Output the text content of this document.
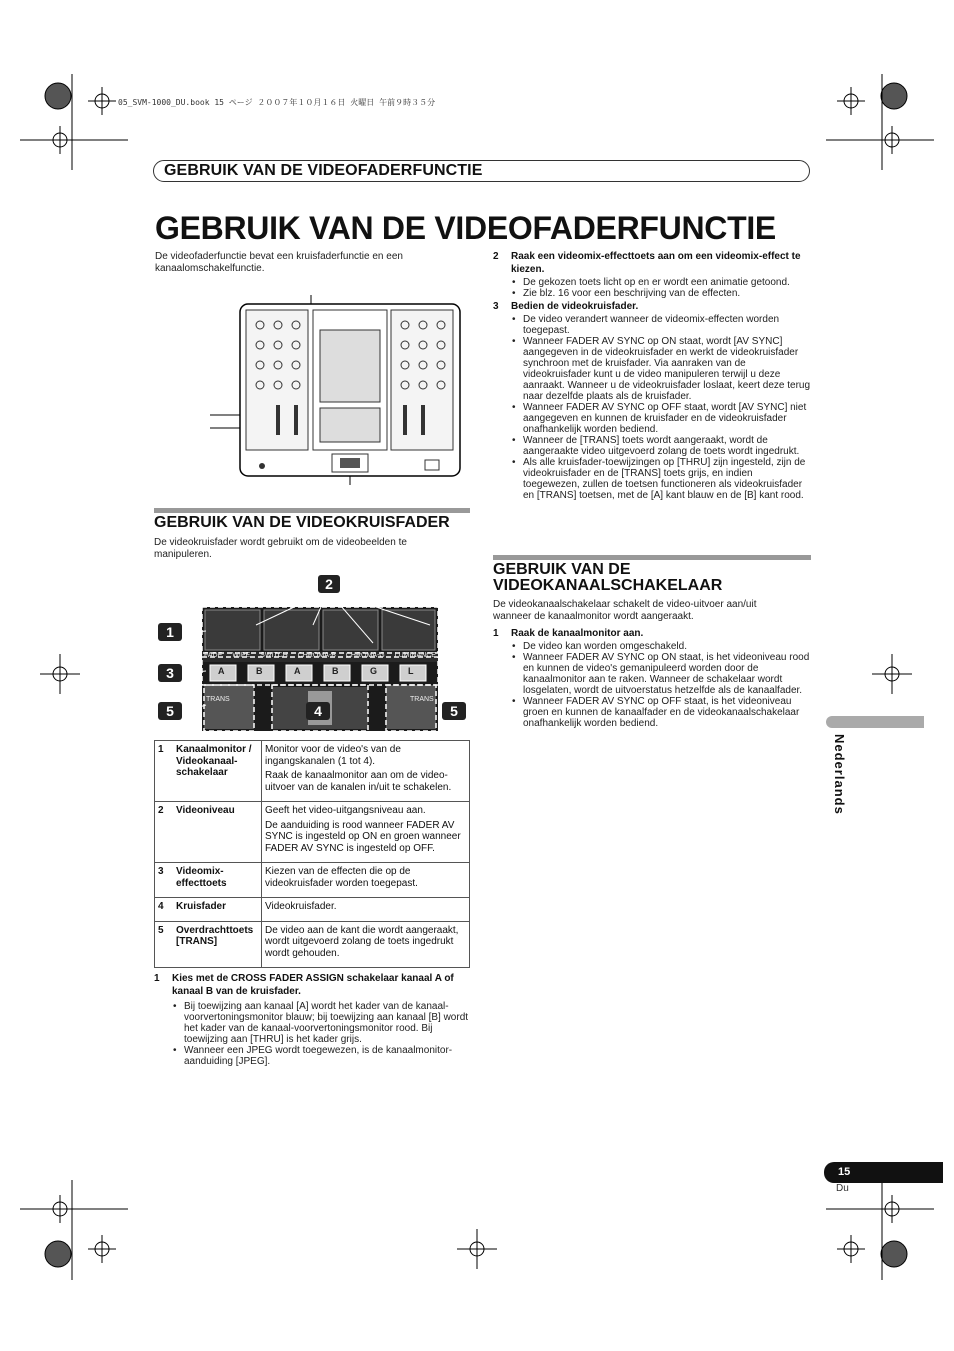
05_SVM-1000_DU.book 15 ページ ２００７年１０月１６日 火曜日 午前９時３５分
GEBRUIK VAN DE VIDEOFADERFUNCTIE
GEBRUIK VAN DE VIDEOFADERFUNCTIE
De videofaderfunctie bevat een kruisfaderfunctie en een kanaalomschakelfunctie.
GEBRUIK VAN DE VIDEOKRUISFADER
De videokruisfader wordt gebruikt om de videobeelden te manipuleren.
FADE WIPE SWITCH CHROMA-B CHROMA-G LUMINANCE
A	B	A	B	G	L
TRANS	TRANS
1
2
3
4
5	5
1	Kanaalmonitor / Videokanaal-schakelaar	Monitor voor de video's van de ingangskanalen (1 tot 4).

Raak de kanaalmonitor aan om de video-uitvoer van de kanalen in/uit te schakelen.

2	Videoniveau	Geeft het video-uitgangsniveau aan.

De aanduiding is rood wanneer FADER AV SYNC is ingesteld op ON en groen wanneer FADER AV SYNC is ingesteld op OFF.

3	Videomix-effecttoets	Kiezen van de effecten die op de videokruisfader worden toegepast.

4	Kruisfader	Videokruisfader.

5	Overdrachttoets [TRANS]	De video aan de kant die wordt aangeraakt, wordt uitgevoerd zolang de toets ingedrukt wordt gehouden.

1	Kies met de CROSS FADER ASSIGN schakelaar kanaal A of kanaal B van de kruisfader.
• Bij toewijzing aan kanaal [A] wordt het kader van de kanaal-voorvertoningsmonitor blauw; bij toewijzing aan kanaal [B] wordt het kader van de kanaal-voorvertoningsmonitor rood. Bij toewijzing aan [THRU] is het kader grijs.
• Wanneer een JPEG wordt toegewezen, is de kanaalmonitor-aanduiding [JPEG].
2	Raak een videomix-effecttoets aan om een videomix-effect te kiezen.
• De gekozen toets licht op en er wordt een animatie getoond.
• Zie blz. 16 voor een beschrijving van de effecten.
3	Bedien de videokruisfader.
• De video verandert wanneer de videomix-effecten worden toegepast.
• Wanneer FADER AV SYNC op ON staat, wordt [AV SYNC] aangegeven in de videokruisfader en werkt de videokruisfader synchroon met de kruisfader. Via aanraken van de videokruisfader kunt u de video manipuleren terwijl u deze aanraakt. Wanneer u de videokruisfader loslaat, keert deze terug naar dezelfde plaats als de kruisfader.
• Wanneer FADER AV SYNC op OFF staat, wordt [AV SYNC] niet aangegeven en kunnen de kruisfader en de videokruisfader onafhankelijk worden bediend.
• Wanneer de [TRANS] toets wordt aangeraakt, wordt de aangeraakte video uitgevoerd zolang de toets wordt ingedrukt.
• Als alle kruisfader-toewijzingen op [THRU] zijn ingesteld, zijn de videokruisfader en de [TRANS] toets grijs, en indien toegewezen, zullen de toetsen functioneren als videokruisfader en [TRANS] toetsen, met de [A] kant blauw en de [B] kant rood.
GEBRUIK VAN DE
VIDEOKANAALSCHAKELAAR
De videokanaalschakelaar schakelt de video-uitvoer aan/uit wanneer de kanaalmonitor wordt aangeraakt.
1	Raak de kanaalmonitor aan.
• De video kan worden omgeschakeld.
• Wanneer FADER AV SYNC op ON staat, is het videoniveau rood en kunnen de video's gemanipuleerd worden door de kanaalmonitor aan te raken. Wanneer de schakelaar wordt losgelaten, wordt de uitvoerstatus hetzelfde als de kanaalfader.
• Wanneer FADER AV SYNC op OFF staat, is het videoniveau groen en kunnen de kanaalfader en de videokanaalschakelaar onafhankelijk worden bediend.
Nederlands
15
Du
